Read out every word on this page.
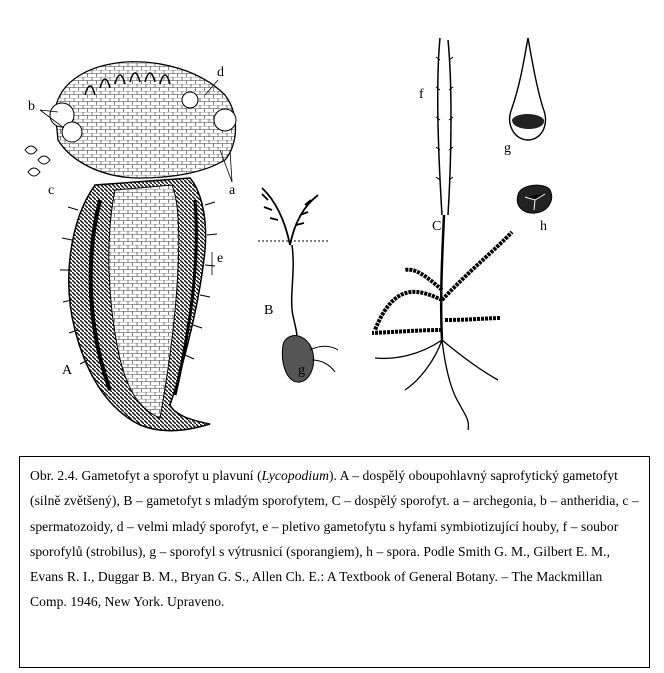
d
b
c	a
e
A
B
g
f
C
g
h

Obr. 2.4. Gametofyt a sporofyt u plavuní (Lycopodium). A – dospělý oboupohlavný saprofytický gametofyt (silně zvětšený), B – gametofyt s mladým sporofytem, C – dospělý sporofyt. a – archegonia, b – antheridia, c – spermatozoidy, d – velmi mladý sporofyt, e – pletivo gametofytu s hyfami symbiotizující houby, f – soubor sporofylů (strobilus), g – sporofyl s výtrusnicí (sporangiem), h – spora. Podle Smith G. M., Gilbert E. M., Evans R. I., Duggar B. M., Bryan G. S., Allen Ch. E.: A Textbook of General Botany. – The Mackmillan Comp. 1946, New York. Upraveno.
